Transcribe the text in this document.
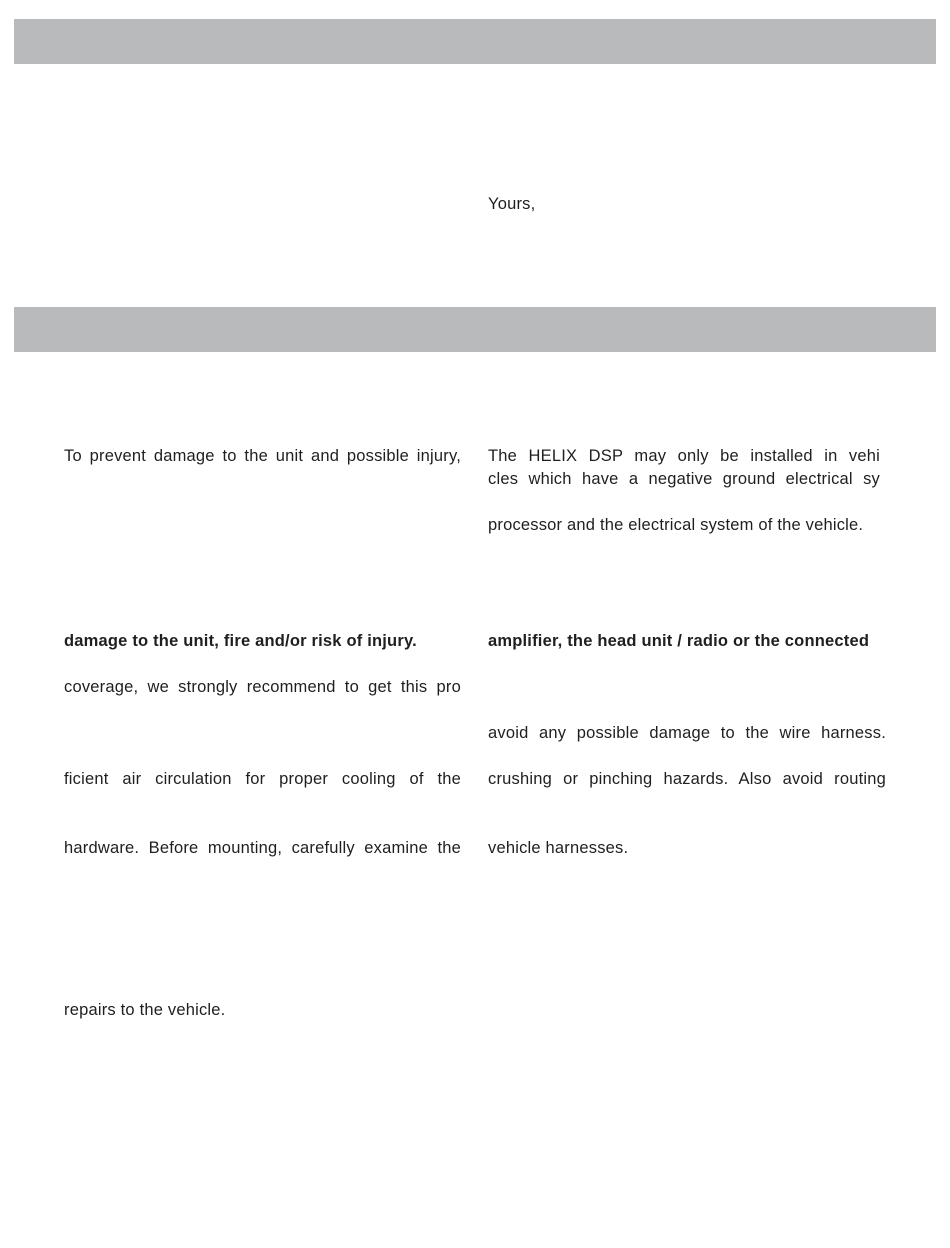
Yours,
To prevent damage to the unit and possible injury,
damage to the unit, fire and/or risk of injury.
coverage, we strongly recommend to get this pro
ficient air circulation for proper cooling of the
hardware. Before mounting, carefully examine the
repairs to the vehicle.
The HELIX DSP may only be installed in vehi
cles which have a negative ground electrical sy
processor and the electrical system of the vehicle.
amplifier, the head unit / radio or the connected
avoid any possible damage to the wire harness.
crushing or pinching hazards. Also avoid routing
vehicle harnesses.
